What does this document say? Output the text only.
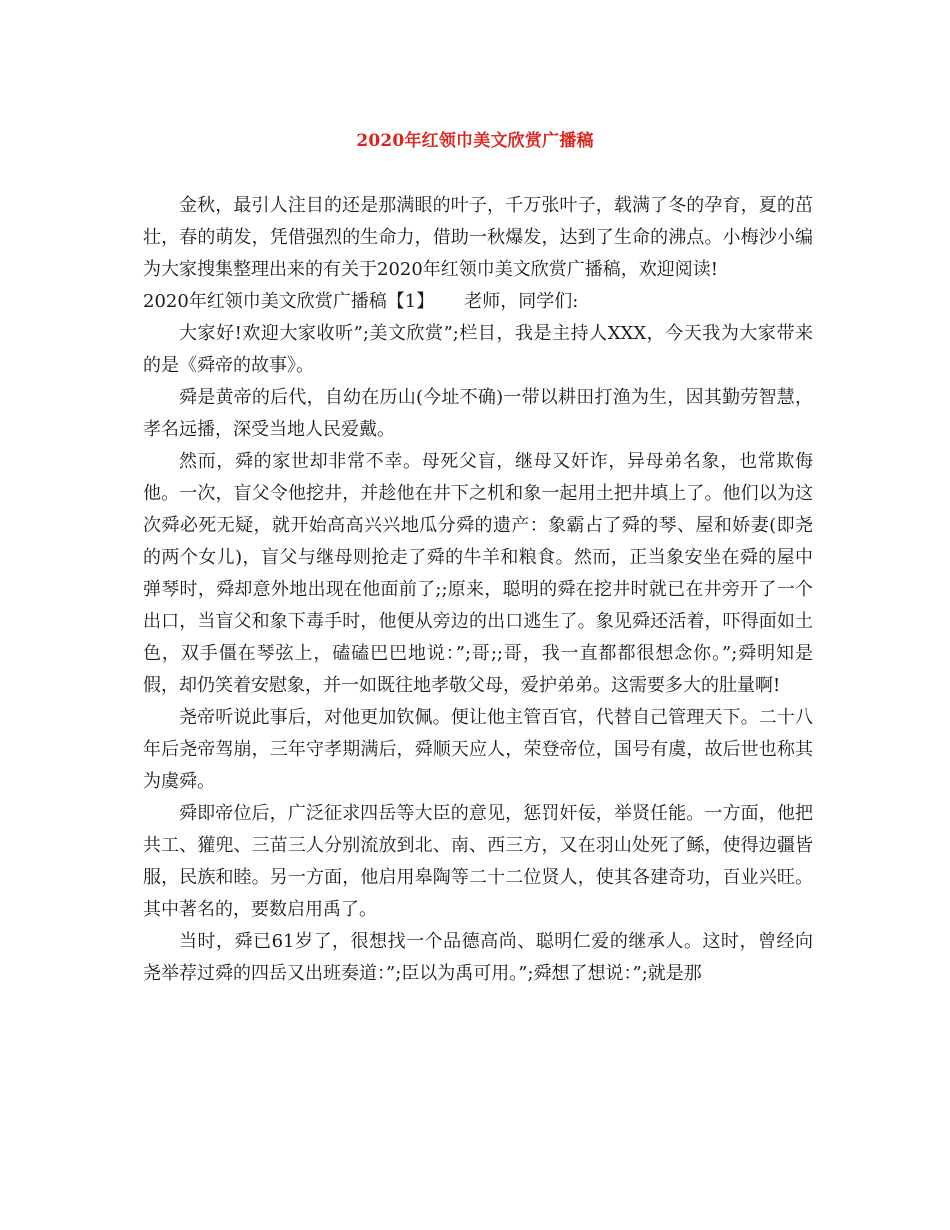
2020年红领巾美文欣赏广播稿

金秋，最引人注目的还是那满眼的叶子，千万张叶子，载满了冬的孕育，夏的茁壮，春的萌发，凭借强烈的生命力，借助一秋爆发，达到了生命的沸点。小梅沙小编为大家搜集整理出来的有关于2020年红领巾美文欣赏广播稿，欢迎阅读!

2020年红领巾美文欣赏广播稿【1】 老师，同学们:

大家好!欢迎大家收听”;美文欣赏”;栏目，我是主持人XXX，今天我为大家带来的是《舜帝的故事》。

舜是黄帝的后代，自幼在历山(今址不确)一带以耕田打渔为生，因其勤劳智慧，孝名远播，深受当地人民爱戴。

然而，舜的家世却非常不幸。母死父盲，继母又奸诈，异母弟名象，也常欺侮他。一次，盲父令他挖井，并趁他在井下之机和象一起用土把井填上了。他们以为这次舜必死无疑，就开始高高兴兴地瓜分舜的遗产：象霸占了舜的琴、屋和娇妻(即尧的两个女儿)，盲父与继母则抢走了舜的牛羊和粮食。然而，正当象安坐在舜的屋中弹琴时，舜却意外地出现在他面前了;;原来，聪明的舜在挖井时就已在井旁开了一个出口，当盲父和象下毒手时，他便从旁边的出口逃生了。象见舜还活着，吓得面如土色，双手僵在琴弦上，磕磕巴巴地说：”;哥;;哥，我一直都都很想念你。”;舜明知是假，却仍笑着安慰象，并一如既往地孝敬父母，爱护弟弟。这需要多大的肚量啊!

尧帝听说此事后，对他更加钦佩。便让他主管百官，代替自己管理天下。二十八年后尧帝驾崩，三年守孝期满后，舜顺天应人，荣登帝位，国号有虞，故后世也称其为虞舜。

舜即帝位后，广泛征求四岳等大臣的意见，惩罚奸佞，举贤任能。一方面，他把共工、獾兜、三苗三人分别流放到北、南、西三方，又在羽山处死了鲧，使得边疆皆服，民族和睦。另一方面，他启用皋陶等二十二位贤人，使其各建奇功，百业兴旺。其中著名的，要数启用禹了。

当时，舜已61岁了，很想找一个品德高尚、聪明仁爱的继承人。这时，曾经向尧举荐过舜的四岳又出班奏道：”;臣以为禹可用。”;舜想了想说：”;就是那
